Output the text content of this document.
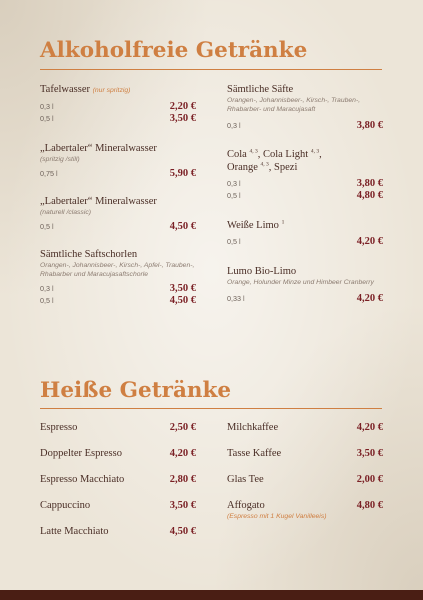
Alkoholfreie Getränke
Tafelwasser (nur spritzig)
0,3 l	2,20 €
0,5 l	3,50 €
„Labertaler“ Mineralwasser
(spritzig /still)
0,75 l	5,90 €
„Labertaler“ Mineralwasser
(naturell /classic)
0,5 l	4,50 €
Sämtliche Saftschorlen
Orangen-, Johannisbeer-, Kirsch-, Apfel-, Trauben-, Rhabarber und Maracujasaftschorle
0,3 l	3,50 €
0,5 l	4,50 €
Sämtliche Säfte
Orangen-, Johannisbeer-, Kirsch-, Trauben-, Rhabarber- und Maracujasaft
0,3 l	3,80 €
Cola $^{4, 3}$, Cola Light $^{4, 3}$,
Orange $^{4, 3}$, Spezi
0,3 l	3,80 €
0,5 l	4,80 €
Weiße Limo $^1$
0,5 l	4,20 €
Lumo Bio-Limo
Orange, Holunder Minze und Himbeer Cranberry
0,33 l	4,20 €
Heiße Getränke
Espresso	2,50 €
Doppelter Espresso	4,20 €
Espresso Macchiato	2,80 €
Cappuccino	3,50 €
Latte Macchiato	4,50 €
Milchkaffee	4,20 €
Tasse Kaffee	3,50 €
Glas Tee	2,00 €
Affogato	4,80 €
(Espresso mit 1 Kugel Vanilleeis)
